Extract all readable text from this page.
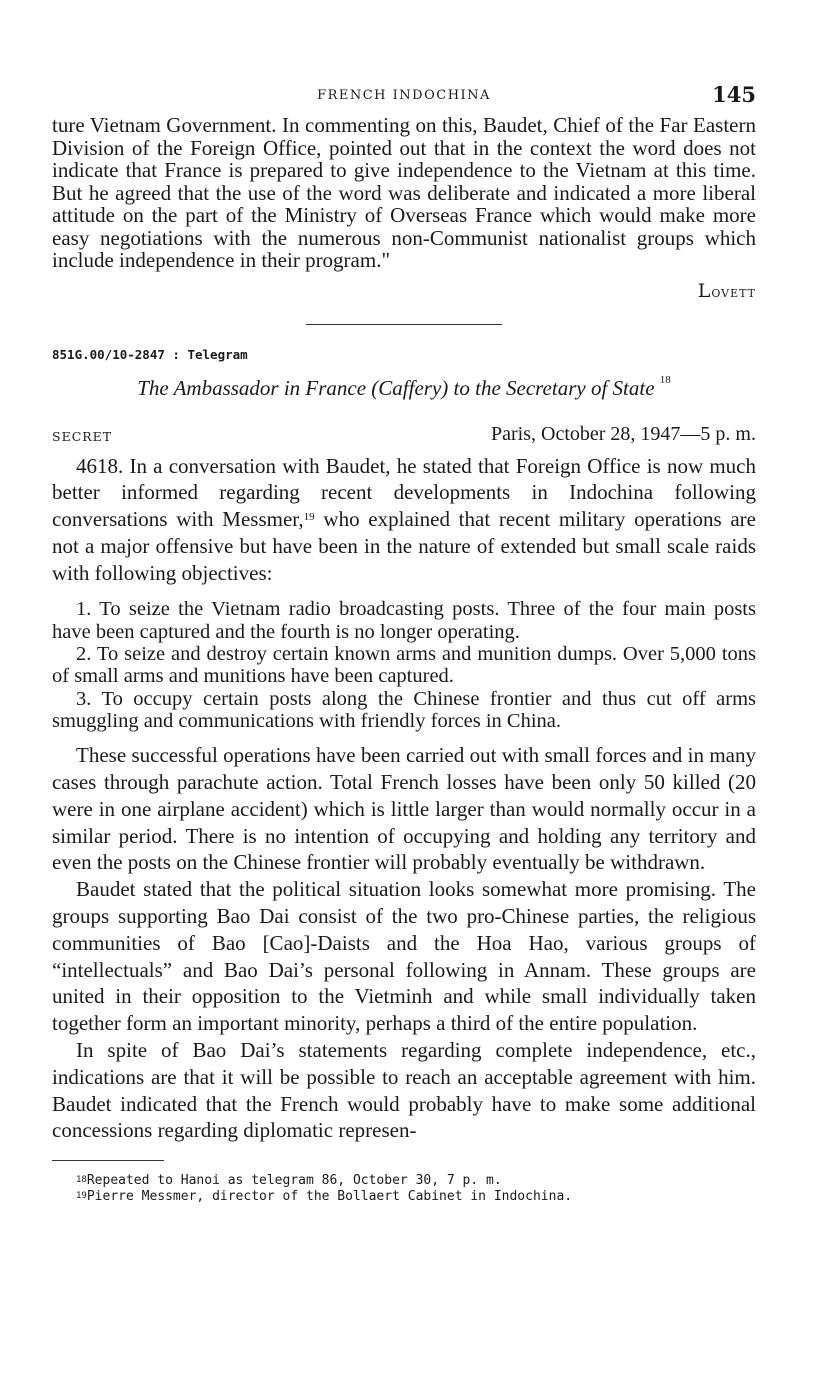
FRENCH INDOCHINA	145

ture Vietnam Government. In commenting on this, Baudet, Chief of the Far Eastern Division of the Foreign Office, pointed out that in the context the word does not indicate that France is prepared to give independence to the Vietnam at this time. But he agreed that the use of the word was deliberate and indicated a more liberal attitude on the part of the Ministry of Overseas France which would make more easy negotiations with the numerous non-Communist nationalist groups which include independence in their program."

Lovett
851G.00/10-2847 : Telegram
The Ambassador in France (Caffery) to the Secretary of State $^{18}$
SECRET	Paris, October 28, 1947—5 p. m.

4618. In a conversation with Baudet, he stated that Foreign Office is now much better informed regarding recent developments in Indochina following conversations with Messmer,$^{19}$ who explained that recent military operations are not a major offensive but have been in the nature of extended but small scale raids with following objectives:

1. To seize the Vietnam radio broadcasting posts. Three of the four main posts have been captured and the fourth is no longer operating.

2. To seize and destroy certain known arms and munition dumps. Over 5,000 tons of small arms and munitions have been captured.

3. To occupy certain posts along the Chinese frontier and thus cut off arms smuggling and communications with friendly forces in China.

These successful operations have been carried out with small forces and in many cases through parachute action. Total French losses have been only 50 killed (20 were in one airplane accident) which is little larger than would normally occur in a similar period. There is no intention of occupying and holding any territory and even the posts on the Chinese frontier will probably eventually be withdrawn.

Baudet stated that the political situation looks somewhat more promising. The groups supporting Bao Dai consist of the two pro-Chinese parties, the religious communities of Bao [Cao]-Daists and the Hoa Hao, various groups of “intellectuals” and Bao Dai’s personal following in Annam. These groups are united in their opposition to the Vietminh and while small individually taken together form an important minority, perhaps a third of the entire population.

In spite of Bao Dai’s statements regarding complete independence, etc., indications are that it will be possible to reach an acceptable agreement with him. Baudet indicated that the French would probably have to make some additional concessions regarding diplomatic represen-

$^{18}$Repeated to Hanoi as telegram 86, October 30, 7 p. m.
$^{19}$Pierre Messmer, director of the Bollaert Cabinet in Indochina.
